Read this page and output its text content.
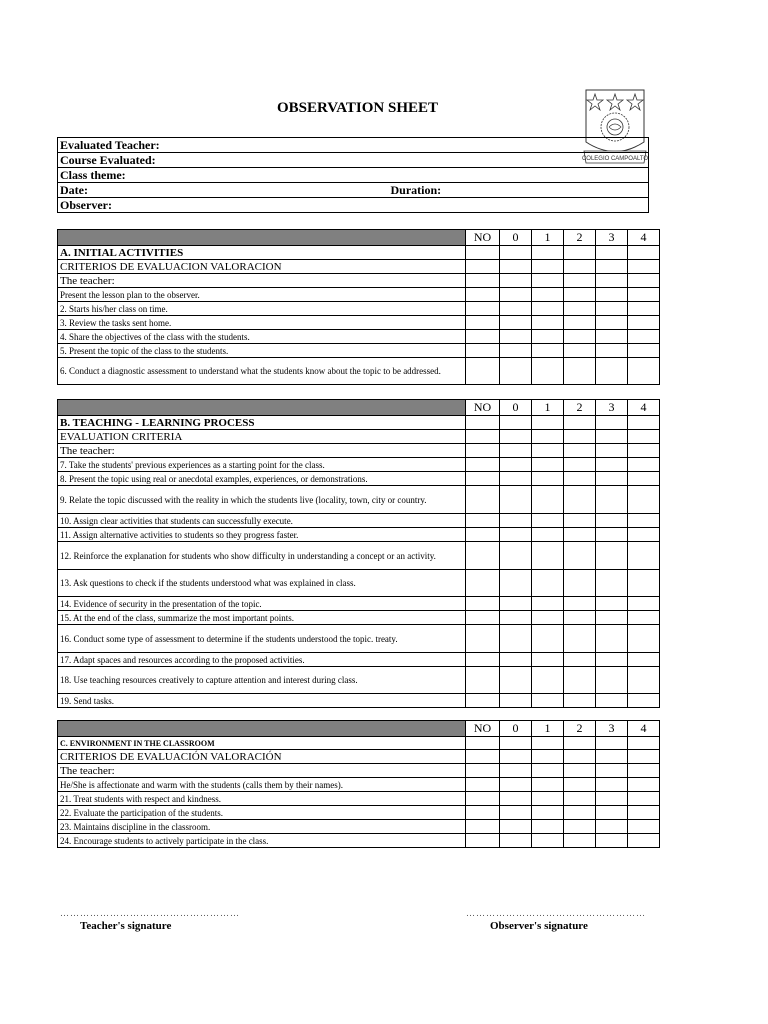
OBSERVATION SHEET
COLEGIO CAMPOALTO
Evaluated Teacher:
Course Evaluated:
Class theme:
Date:	Duration:

Observer:
	NO	0	1	2	3	4
A. INITIAL ACTIVITIES						
CRITERIOS DE EVALUACION VALORACION						
The teacher:						
Present the lesson plan to the observer.						
2. Starts his/her class on time.						
3. Review the tasks sent home.						
4. Share the objectives of the class with the students.						
5. Present the topic of the class to the students.						
6. Conduct a diagnostic assessment to understand what the students know about the topic to be addressed.						
	NO	0	1	2	3	4
B. TEACHING - LEARNING PROCESS						
EVALUATION CRITERIA						
The teacher:						
7. Take the students' previous experiences as a starting point for the class.						
8. Present the topic using real or anecdotal examples, experiences, or demonstrations.						
9. Relate the topic discussed with the reality in which the students live (locality, town, city or country.						
10. Assign clear activities that students can successfully execute.						
11. Assign alternative activities to students so they progress faster.						
12. Reinforce the explanation for students who show difficulty in understanding a concept or an activity.						
13. Ask questions to check if the students understood what was explained in class.						
14. Evidence of security in the presentation of the topic.						
15. At the end of the class, summarize the most important points.						
16. Conduct some type of assessment to determine if the students understood the topic. treaty.						
17. Adapt spaces and resources according to the proposed activities.						
18. Use teaching resources creatively to capture attention and interest during class.						
19. Send tasks.						
	NO	0	1	2	3	4
C. ENVIRONMENT IN THE CLASSROOM						
CRITERIOS DE EVALUACIÓN VALORACIÓN						
The teacher:						
He/She is affectionate and warm with the students (calls them by their names).						
21. Treat students with respect and kindness.						
22. Evaluate the participation of the students.						
23. Maintains discipline in the classroom.						
24. Encourage students to actively participate in the class.						
………………………………………………	………………………………………………
Teacher's signature	Observer's signature
